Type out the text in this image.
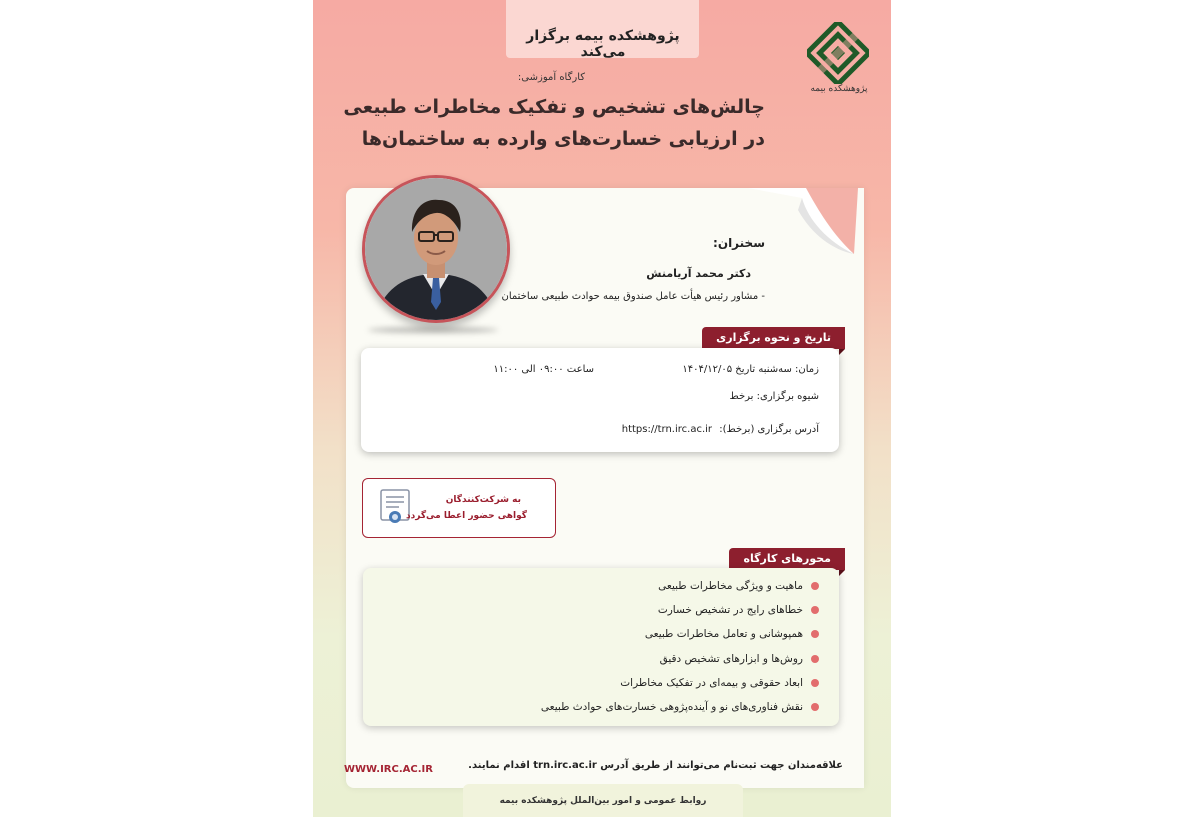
پژوهشکده بیمه برگزار می‌کند
پژوهشکده بیمه
کارگاه آموزشی:
چالش‌های تشخیص و تفکیک مخاطرات طبیعی
در ارزیابی خسارت‌های وارده به ساختمان‌ها
سخنران:
دکتر محمد آریامنش
- مشاور رئیس هیأت عامل صندوق بیمه حوادث طبیعی ساختمان
تاریخ و نحوه برگزاری
زمان: سه‌شنبه تاریخ ۱۴۰۴/۱۲/۰۵
ساعت ۰۹:۰۰ الی ۱۱:۰۰
شیوه برگزاری: برخط
آدرس برگزاری (برخط): https://trn.irc.ac.ir
به شرکت‌کنندگان
گواهی حضور اعطا می‌گردد
محورهای کارگاه
ماهیت و ویژگی مخاطرات طبیعی
خطاهای رایج در تشخیص خسارت
همپوشانی و تعامل مخاطرات طبیعی
روش‌ها و ابزارهای تشخیص دقیق
ابعاد حقوقی و بیمه‌ای در تفکیک مخاطرات
نقش فناوری‌های نو و آینده‌پژوهی خسارت‌های حوادث طبیعی
علاقه‌مندان جهت ثبت‌نام می‌توانند از طریق آدرس trn.irc.ac.ir اقدام نمایند.
WWW.IRC.AC.IR
روابط عمومی و امور بین‌الملل پژوهشکده بیمه
